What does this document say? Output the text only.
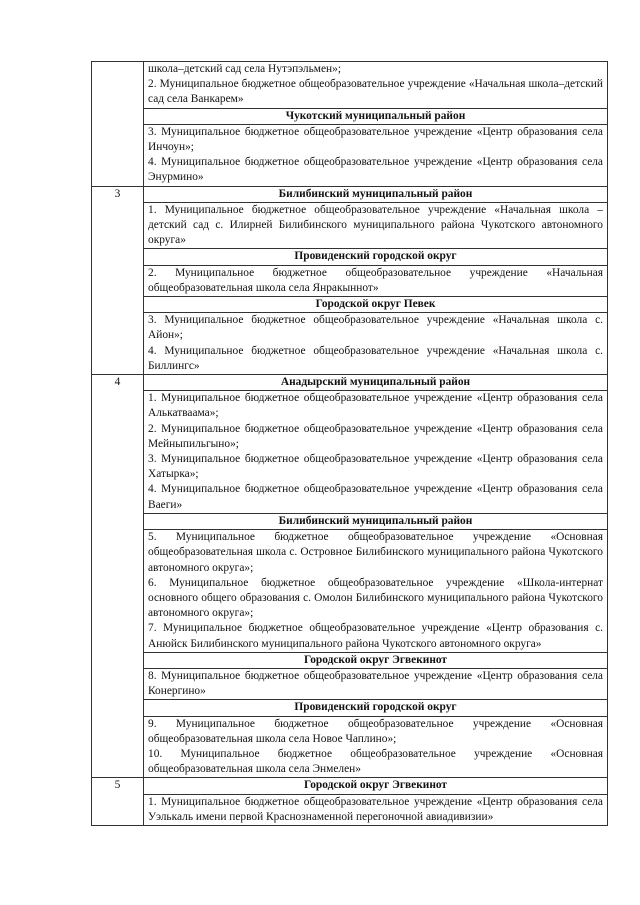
	школа–детский сад села Нутэпэльмен»;
2. Муниципальное бюджетное общеобразовательное учреждение «Начальная школа–детский сад села Ванкарем»

	Чукотский муниципальный район

	3. Муниципальное бюджетное общеобразовательное учреждение «Центр образования села Инчоун»;
4. Муниципальное бюджетное общеобразовательное учреждение «Центр образования села Энурмино»

3	Билибинский муниципальный район

	1. Муниципальное бюджетное общеобразовательное учреждение «Начальная школа – детский сад с. Илирней Билибинского муниципального района Чукотского автономного округа»

	Провиденский городской округ

	2. Муниципальное бюджетное общеобразовательное учреждение «Начальная общеобразовательная школа села Янракыннот»

	Городской округ Певек

	3. Муниципальное бюджетное общеобразовательное учреждение «Начальная школа с. Айон»;
4. Муниципальное бюджетное общеобразовательное учреждение «Начальная школа с. Биллингс»

4	Анадырский муниципальный район

	1. Муниципальное бюджетное общеобразовательное учреждение «Центр образования села Алькатваама»;
2. Муниципальное бюджетное общеобразовательное учреждение «Центр образования села Мейныпильгыно»;
3. Муниципальное бюджетное общеобразовательное учреждение «Центр образования села Хатырка»;
4. Муниципальное бюджетное общеобразовательное учреждение «Центр образования села Ваеги»

	Билибинский муниципальный район

	5. Муниципальное бюджетное общеобразовательное учреждение «Основная общеобразовательная школа с. Островное Билибинского муниципального района Чукотского автономного округа»;
6. Муниципальное бюджетное общеобразовательное учреждение «Школа-интернат основного общего образования с. Омолон Билибинского муниципального района Чукотского автономного округа»;
7. Муниципальное бюджетное общеобразовательное учреждение «Центр образования с. Анюйск Билибинского муниципального района Чукотского автономного округа»

	Городской округ Эгвекинот

	8. Муниципальное бюджетное общеобразовательное учреждение «Центр образования села Конергино»

	Провиденский городской округ

	9. Муниципальное бюджетное общеобразовательное учреждение «Основная общеобразовательная школа села Новое Чаплино»;
10. Муниципальное бюджетное общеобразовательное учреждение «Основная общеобразовательная школа села Энмелен»

5	Городской округ Эгвекинот

	1. Муниципальное бюджетное общеобразовательное учреждение «Центр образования села Уэлькаль имени первой Краснознаменной перегоночной авиадивизии»
